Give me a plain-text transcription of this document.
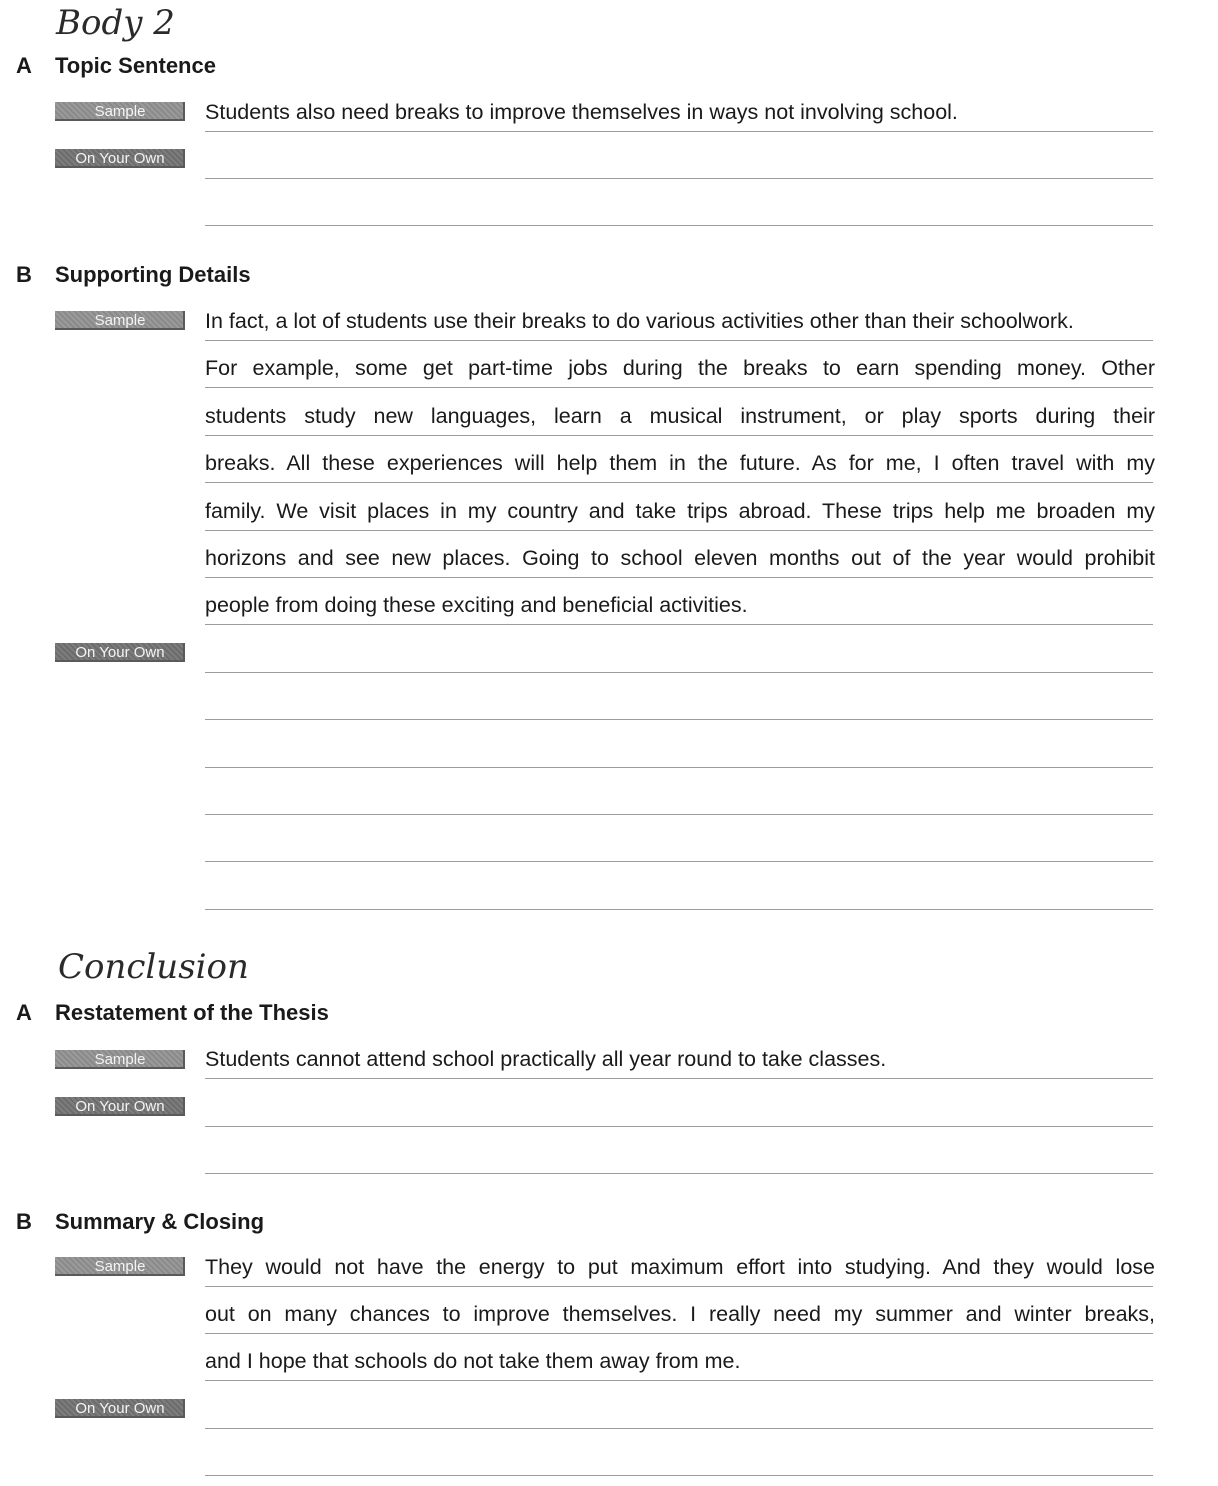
Body 2
A Topic Sentence
Sample	Students also need breaks to improve themselves in ways not involving school.
On Your Own
B Supporting Details
Sample	In fact, a lot of students use their breaks to do various activities other than their schoolwork.
For example, some get part-time jobs during the breaks to earn spending money. Other
students study new languages, learn a musical instrument, or play sports during their
breaks. All these experiences will help them in the future. As for me, I often travel with my
family. We visit places in my country and take trips abroad. These trips help me broaden my
horizons and see new places. Going to school eleven months out of the year would prohibit
people from doing these exciting and beneficial activities.
On Your Own
Conclusion
A Restatement of the Thesis
Sample	Students cannot attend school practically all year round to take classes.
On Your Own
B Summary & Closing
Sample	They would not have the energy to put maximum effort into studying. And they would lose
out on many chances to improve themselves. I really need my summer and winter breaks,
and I hope that schools do not take them away from me.
On Your Own
